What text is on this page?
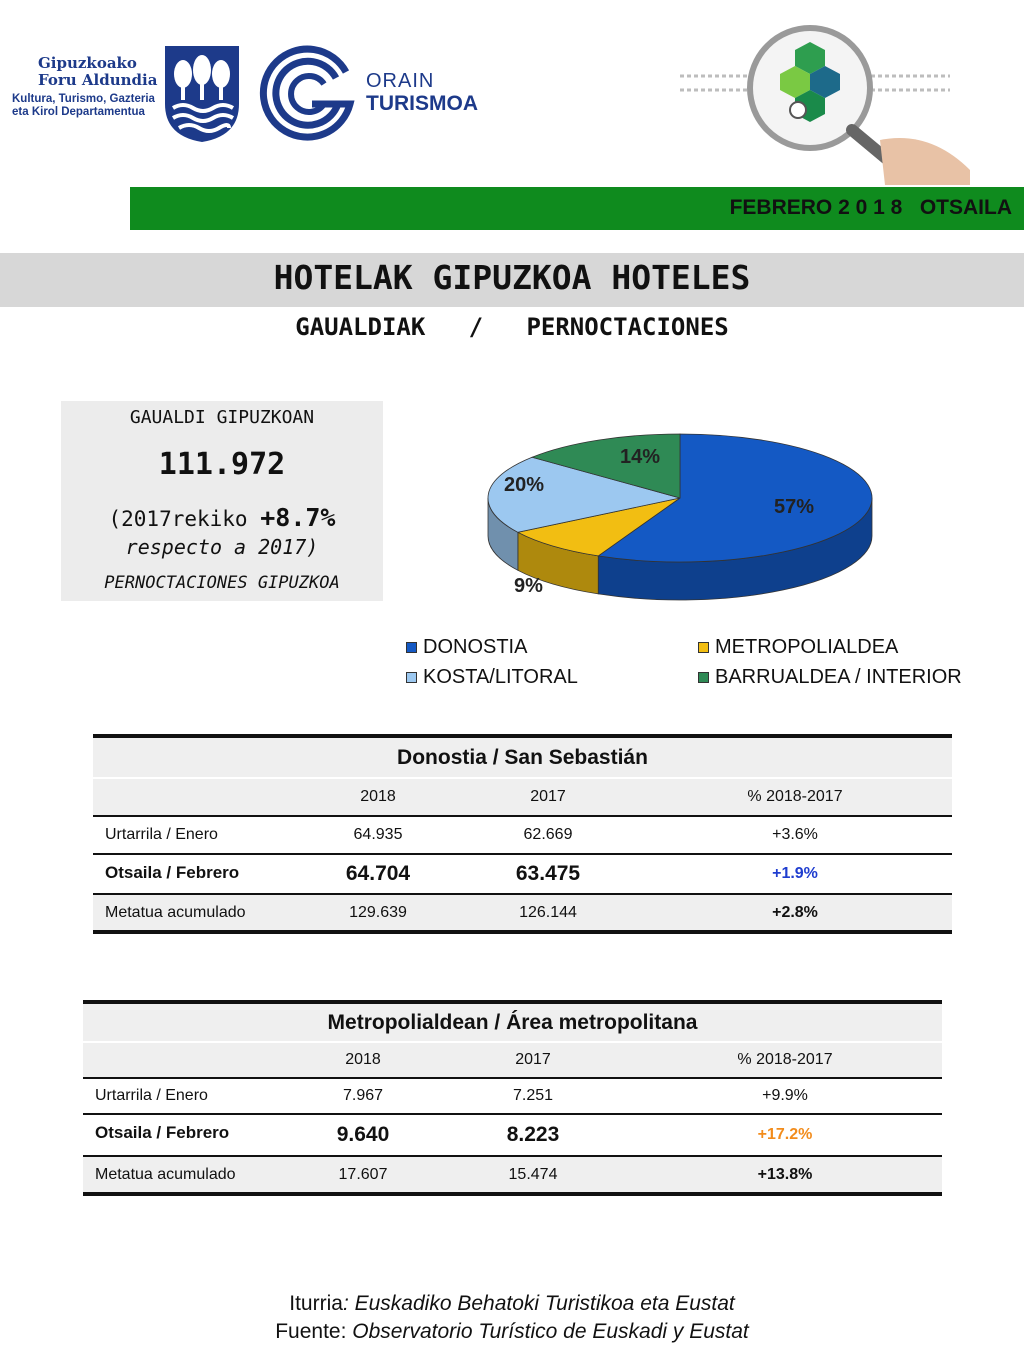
Gipuzkoako
Foru Aldundia
Kultura, Turismo, Gazteria
eta Kirol Departamentua
ORAIN
TURISMOA
FEBRERO 2 0 1 8   OTSAILA
HOTELAK GIPUZKOA HOTELES
GAUALDIAK   /   PERNOCTACIONES
GAUALDI GIPUZKOAN
111.972
(2017rekiko +8.7%
respecto a 2017)
PERNOCTACIONES GIPUZKOA
57%
9%
20%
14%
DONOSTIA	METROPOLIALDEA
KOSTA/LITORAL	BARRUALDEA / INTERIOR
Donostia / San Sebastián			
	2018	2017	% 2018-2017
Urtarrila / Enero	64.935	62.669	+3.6%
Otsaila / Febrero	64.704	63.475	+1.9%
Metatua acumulado	129.639	126.144	+2.8%
Metropolialdean / Área metropolitana			
	2018	2017	% 2018-2017
Urtarrila / Enero	7.967	7.251	+9.9%
Otsaila / Febrero	9.640	8.223	+17.2%
Metatua acumulado	17.607	15.474	+13.8%
Iturria: Euskadiko Behatoki Turistikoa eta Eustat
Fuente: Observatorio Turístico de Euskadi y Eustat
